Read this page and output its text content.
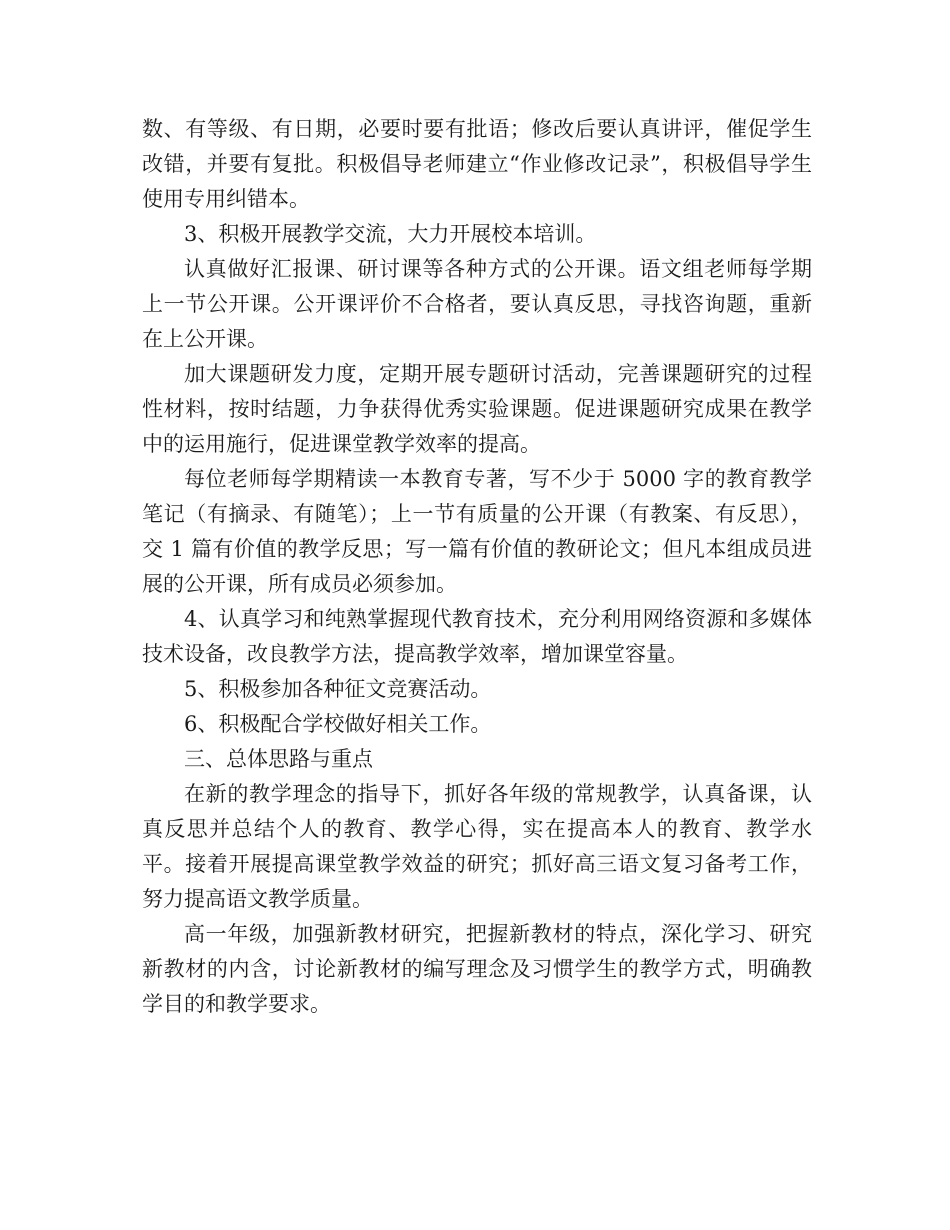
数、有等级、有日期，必要时要有批语；修改后要认真讲评，催促学生改错，并要有复批。积极倡导老师建立“作业修改记录”，积极倡导学生使用专用纠错本。

3、积极开展教学交流，大力开展校本培训。

认真做好汇报课、研讨课等各种方式的公开课。语文组老师每学期上一节公开课。公开课评价不合格者，要认真反思，寻找咨询题，重新在上公开课。

加大课题研发力度，定期开展专题研讨活动，完善课题研究的过程性材料，按时结题，力争获得优秀实验课题。促进课题研究成果在教学中的运用施行，促进课堂教学效率的提高。

每位老师每学期精读一本教育专著，写不少于 5000 字的教育教学笔记（有摘录、有随笔）；上一节有质量的公开课（有教案、有反思），交 1 篇有价值的教学反思；写一篇有价值的教研论文；但凡本组成员进展的公开课，所有成员必须参加。

4、认真学习和纯熟掌握现代教育技术，充分利用网络资源和多媒体技术设备，改良教学方法，提高教学效率，增加课堂容量。

5、积极参加各种征文竞赛活动。

6、积极配合学校做好相关工作。

三、总体思路与重点

在新的教学理念的指导下，抓好各年级的常规教学，认真备课，认真反思并总结个人的教育、教学心得，实在提高本人的教育、教学水平。接着开展提高课堂教学效益的研究；抓好高三语文复习备考工作，努力提高语文教学质量。

高一年级，加强新教材研究，把握新教材的特点，深化学习、研究新教材的内含，讨论新教材的编写理念及习惯学生的教学方式，明确教学目的和教学要求。
